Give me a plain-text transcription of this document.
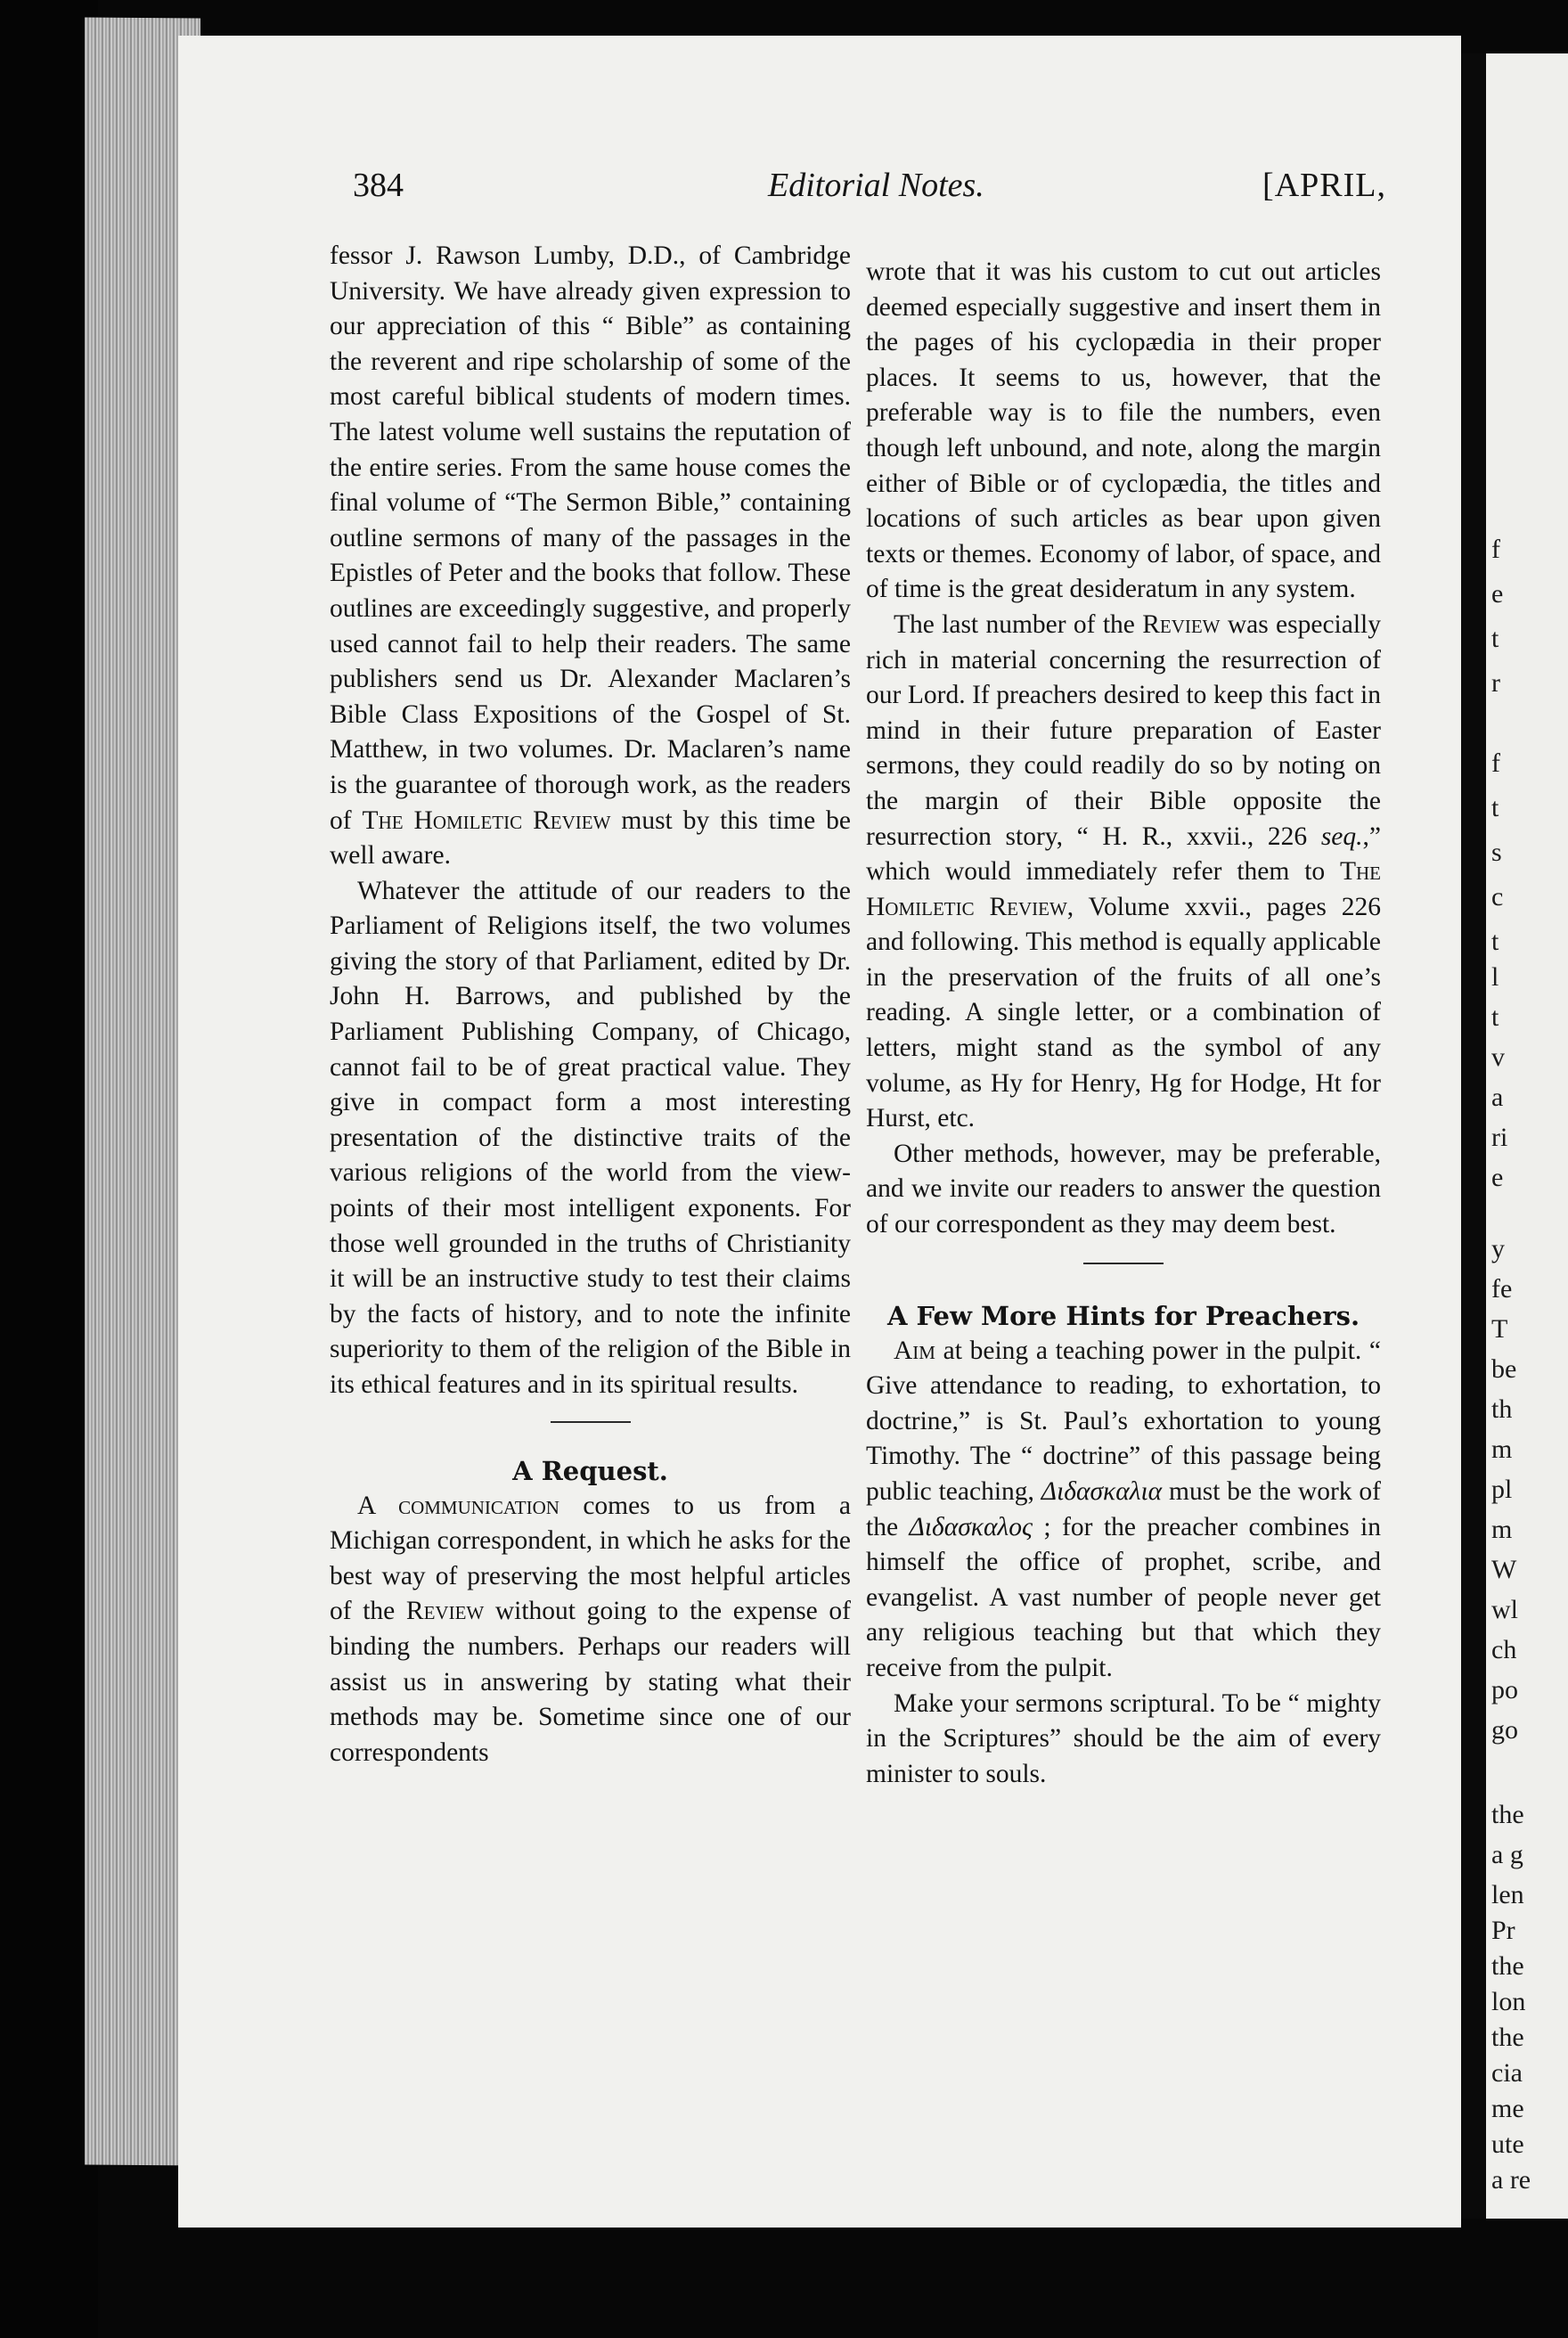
f
e
t
r
f
t
s
c
t
l
t
v
a
ri
e
y
fe
T
be
th
m
pl
m
W
wl
ch
po
go
the
a g
len
Pr
the
lon
the
cia
me
ute
a re
384	Editorial Notes.	[APRIL,

fessor J. Rawson Lumby, D.D., of Cambridge University. We have already given expression to our appreciation of this “ Bible” as containing the reverent and ripe scholarship of some of the most careful biblical students of modern times. The latest volume well sustains the reputation of the entire series. From the same house comes the final volume of “The Sermon Bible,” containing outline sermons of many of the passages in the Epistles of Peter and the books that follow. These outlines are exceedingly suggestive, and properly used cannot fail to help their readers. The same publishers send us Dr. Alexander Maclaren’s Bible Class Expositions of the Gospel of St. Matthew, in two volumes. Dr. Maclaren’s name is the guarantee of thorough work, as the readers of The Homiletic Review must by this time be well aware.

Whatever the attitude of our readers to the Parliament of Religions itself, the two volumes giving the story of that Parliament, edited by Dr. John H. Barrows, and published by the Parliament Publishing Company, of Chicago, cannot fail to be of great practical value. They give in compact form a most interesting presentation of the distinctive traits of the various religions of the world from the view-points of their most intelligent exponents. For those well grounded in the truths of Christianity it will be an instructive study to test their claims by the facts of history, and to note the infinite superiority to them of the religion of the Bible in its ethical features and in its spiritual results.

A Request.

A communication comes to us from a Michigan correspondent, in which he asks for the best way of preserving the most helpful articles of the Review without going to the expense of binding the numbers. Perhaps our readers will assist us in answering by stating what their methods may be. Sometime since one of our correspondents

wrote that it was his custom to cut out articles deemed especially suggestive and insert them in the pages of his cyclopædia in their proper places. It seems to us, however, that the preferable way is to file the numbers, even though left unbound, and note, along the margin either of Bible or of cyclopædia, the titles and locations of such articles as bear upon given texts or themes. Economy of labor, of space, and of time is the great desideratum in any system.

The last number of the Review was especially rich in material concerning the resurrection of our Lord. If preachers desired to keep this fact in mind in their future preparation of Easter sermons, they could readily do so by noting on the margin of their Bible opposite the resurrection story, “ H. R., xxvii., 226 seq.,” which would immediately refer them to The Homiletic Review, Volume xxvii., pages 226 and following. This method is equally applicable in the preservation of the fruits of all one’s reading. A single letter, or a combination of letters, might stand as the symbol of any volume, as Hy for Henry, Hg for Hodge, Ht for Hurst, etc.

Other methods, however, may be preferable, and we invite our readers to answer the question of our correspondent as they may deem best.

A Few More Hints for Preachers.

Aim at being a teaching power in the pulpit. “ Give attendance to reading, to exhortation, to doctrine,” is St. Paul’s exhortation to young Timothy. The “ doctrine” of this passage being public teaching, Διδασκαλια must be the work of the Διδασκαλος ; for the preacher combines in himself the office of prophet, scribe, and evangelist. A vast number of people never get any religious teaching but that which they receive from the pulpit.

Make your sermons scriptural. To be “ mighty in the Scriptures” should be the aim of every minister to souls.
